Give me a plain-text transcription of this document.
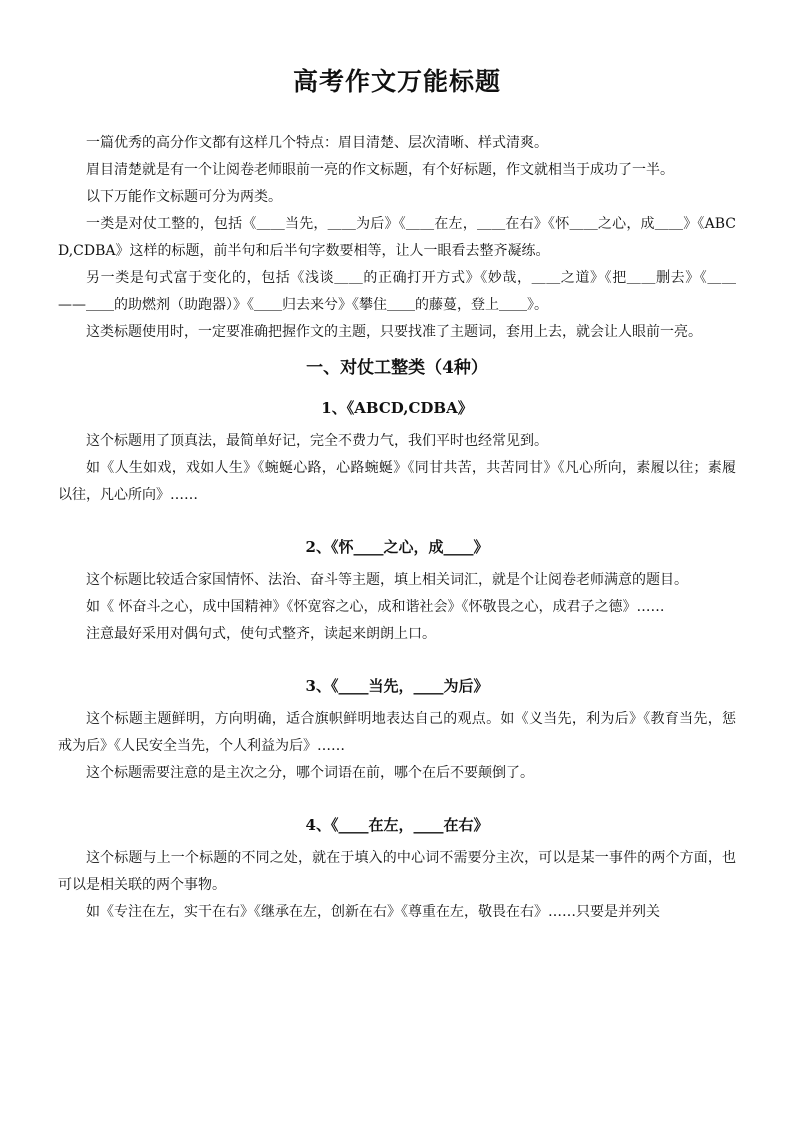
高考作文万能标题

一篇优秀的高分作文都有这样几个特点：眉目清楚、层次清晰、样式清爽。

眉目清楚就是有一个让阅卷老师眼前一亮的作文标题，有个好标题，作文就相当于成功了一半。

以下万能作文标题可分为两类。

一类是对仗工整的，包括《＿＿当先，＿＿为后》《＿＿在左，＿＿在右》《怀＿＿之心，成＿＿》《ABCD,CDBA》这样的标题，前半句和后半句字数要相等，让人一眼看去整齐凝练。

另一类是句式富于变化的，包括《浅谈＿＿的正确打开方式》《妙哉，＿＿之道》《把＿＿删去》《＿＿——＿＿的助燃剂（助跑器）》《＿＿归去来兮》《攀住＿＿的藤蔓，登上＿＿》。

这类标题使用时，一定要准确把握作文的主题，只要找准了主题词，套用上去，就会让人眼前一亮。

一、对仗工整类（4种）
1、《ABCD,CDBA》

这个标题用了顶真法，最简单好记，完全不费力气，我们平时也经常见到。

如《人生如戏，戏如人生》《蜿蜒心路，心路蜿蜒》《同甘共苦，共苦同甘》《凡心所向，素履以往；素履以往，凡心所向》……

2、《怀____之心，成____》

这个标题比较适合家国情怀、法治、奋斗等主题，填上相关词汇，就是个让阅卷老师满意的题目。

如《 怀奋斗之心，成中国精神》《怀宽容之心，成和谐社会》《怀敬畏之心，成君子之德》……

注意最好采用对偶句式，使句式整齐，读起来朗朗上口。

3、《____当先，____为后》

这个标题主题鲜明，方向明确，适合旗帜鲜明地表达自己的观点。如《义当先，利为后》《教育当先，惩戒为后》《人民安全当先，个人利益为后》……

这个标题需要注意的是主次之分，哪个词语在前，哪个在后不要颠倒了。

4、《____在左，____在右》

这个标题与上一个标题的不同之处，就在于填入的中心词不需要分主次，可以是某一事件的两个方面，也可以是相关联的两个事物。

如《专注在左，实干在右》《继承在左，创新在右》《尊重在左，敬畏在右》……只要是并列关
